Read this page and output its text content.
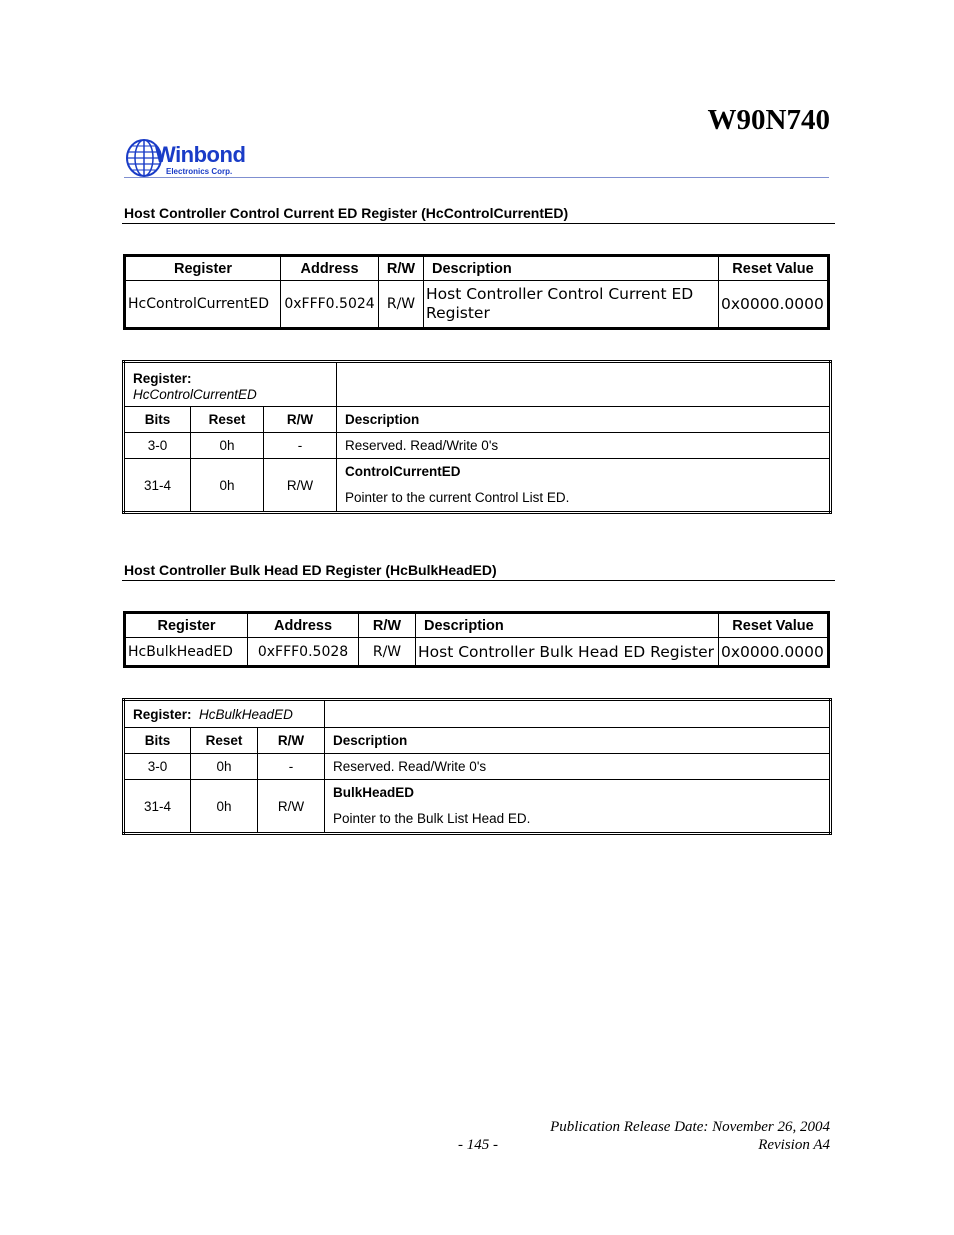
W90N740
Winbond
Electronics Corp.
Host Controller Control Current ED Register (HcControlCurrentED)
Register	Address	R/W	Description	Reset Value
HcControlCurrentED	0xFFF0.5024	R/W	Host Controller Control Current ED Register	0x0000.0000
Register:
HcControlCurrentED			
Bits	Reset	R/W	Description
3-0	0h	-	Reserved. Read/Write 0's
31-4	0h	R/W	ControlCurrentED
Pointer to the current Control List ED.
Host Controller Bulk Head ED Register (HcBulkHeadED)
Register	Address	R/W	Description	Reset Value
HcBulkHeadED	0xFFF0.5028	R/W	Host Controller Bulk Head ED Register	0x0000.0000
Register: HcBulkHeadED			
Bits	Reset	R/W	Description
3-0	0h	-	Reserved. Read/Write 0's
31-4	0h	R/W	BulkHeadED
Pointer to the Bulk List Head ED.
Publication Release Date: November 26, 2004
- 145 -	Revision A4
